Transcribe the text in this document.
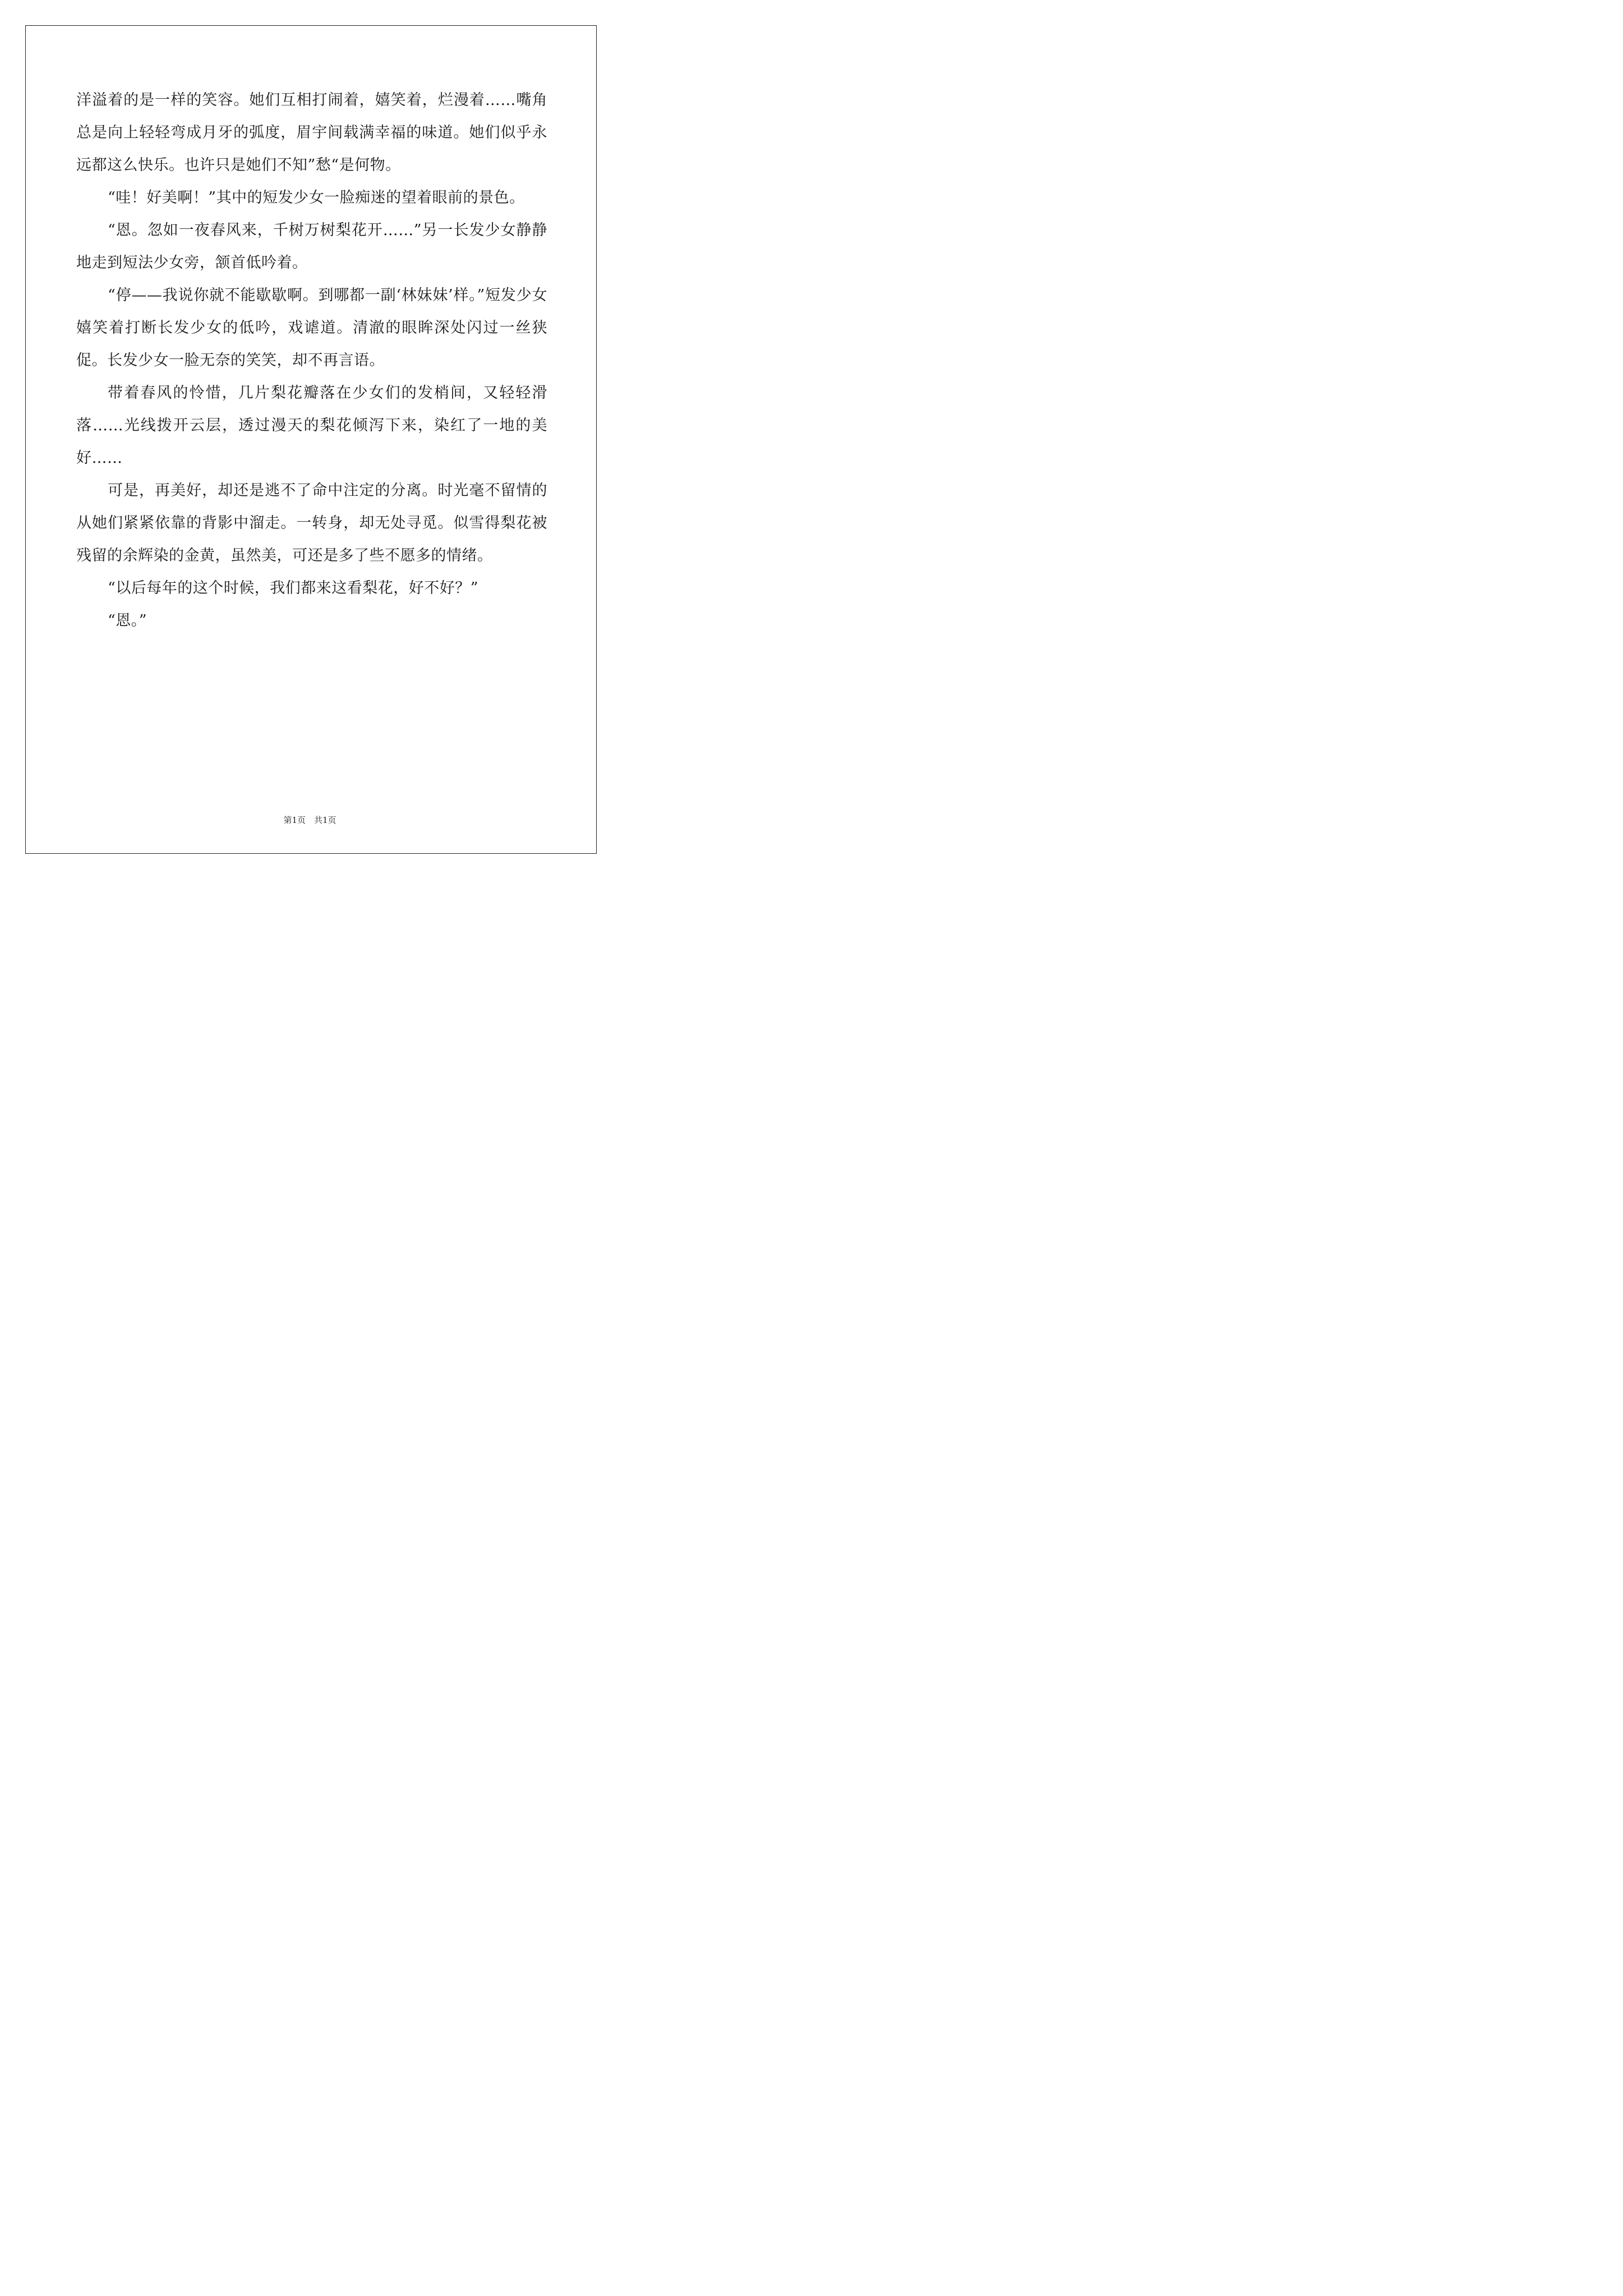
洋溢着的是一样的笑容。她们互相打闹着，嬉笑着，烂漫着……嘴角总是向上轻轻弯成月牙的弧度，眉宇间载满幸福的味道。她们似乎永远都这么快乐。也许只是她们不知”愁“是何物。

“哇！好美啊！”其中的短发少女一脸痴迷的望着眼前的景色。

“恩。忽如一夜春风来，千树万树梨花开……”另一长发少女静静地走到短法少女旁，颔首低吟着。

“停——我说你就不能歇歇啊。到哪都一副‘林妹妹’样。”短发少女嬉笑着打断长发少女的低吟，戏谑道。清澈的眼眸深处闪过一丝狭促。长发少女一脸无奈的笑笑，却不再言语。

带着春风的怜惜，几片梨花瓣落在少女们的发梢间，又轻轻滑落……光线拨开云层，透过漫天的梨花倾泻下来，染红了一地的美好……

可是，再美好，却还是逃不了命中注定的分离。时光毫不留情的从她们紧紧依靠的背影中溜走。一转身，却无处寻觅。似雪得梨花被残留的余辉染的金黄，虽然美，可还是多了些不愿多的情绪。

“以后每年的这个时候，我们都来这看梨花，好不好？”

“恩。”

第1页　共1页
